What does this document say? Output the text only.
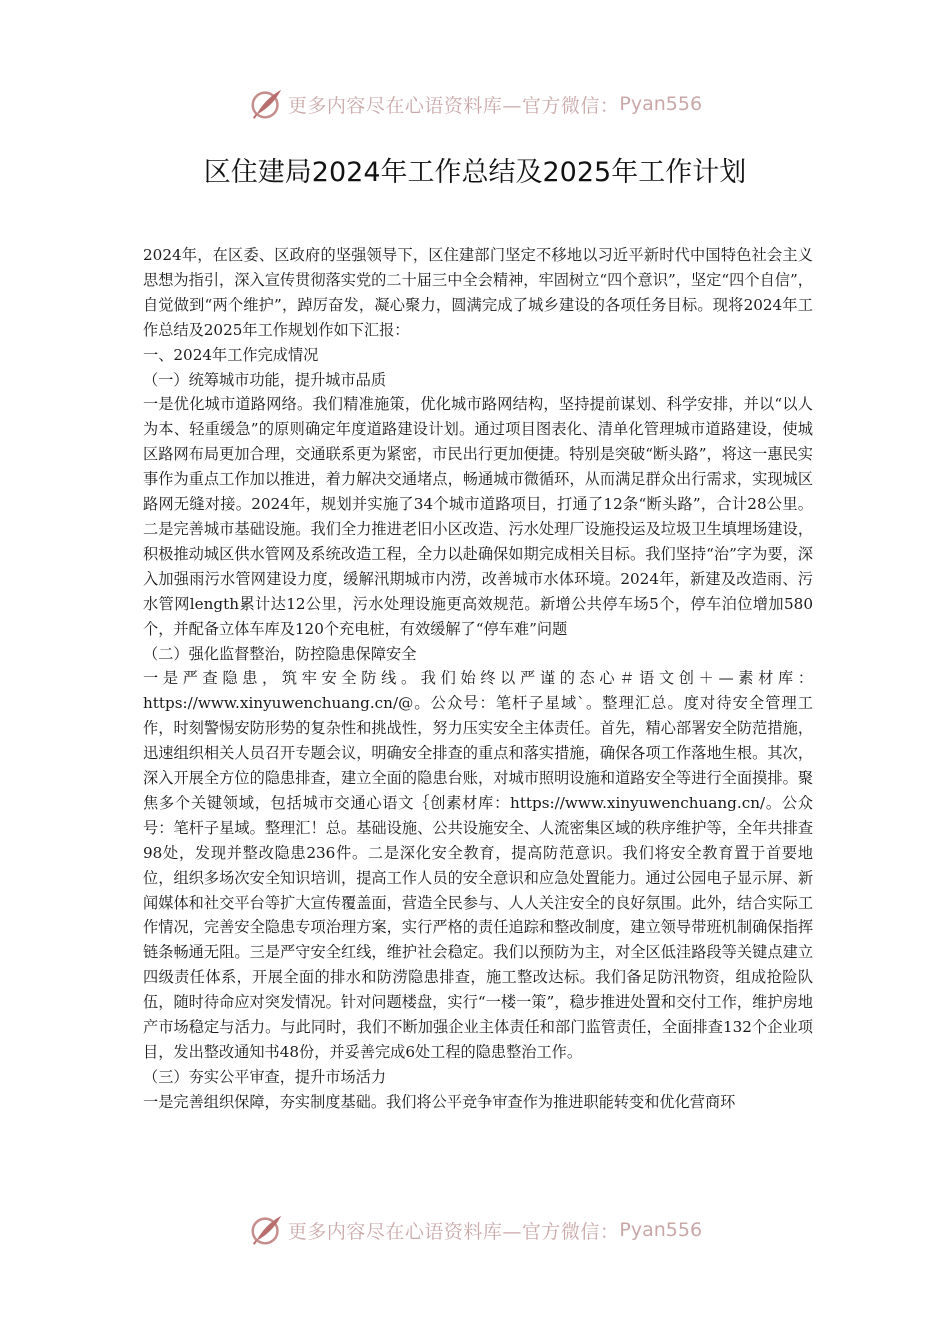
更多内容尽在心语资料库—官方微信： Pyan556
区住建局2024年工作总结及2025年工作计划

2024年，在区委、区政府的坚强领导下，区住建部门坚定不移地以习近平新时代中国特色社会主义思想为指引，深入宣传贯彻落实党的二十届三中全会精神，牢固树立“四个意识”，坚定“四个自信”，自觉做到“两个维护”，踔厉奋发，凝心聚力，圆满完成了城乡建设的各项任务目标。现将2024年工作总结及2025年工作规划作如下汇报：

一、2024年工作完成情况

（一）统筹城市功能，提升城市品质

一是优化城市道路网络。我们精准施策，优化城市路网结构，坚持提前谋划、科学安排，并以“以人为本、轻重缓急”的原则确定年度道路建设计划。通过项目图表化、清单化管理城市道路建设，使城区路网布局更加合理，交通联系更为紧密，市民出行更加便捷。特别是突破“断头路”，将这一惠民实事作为重点工作加以推进，着力解决交通堵点，畅通城市微循环，从而满足群众出行需求，实现城区路网无缝对接。2024年，规划并实施了34个城市道路项目，打通了12条“断头路”，合计28公里。二是完善城市基础设施。我们全力推进老旧小区改造、污水处理厂设施投运及垃圾卫生填埋场建设，积极推动城区供水管网及系统改造工程，全力以赴确保如期完成相关目标。我们坚持“治”字为要，深入加强雨污水管网建设力度，缓解汛期城市内涝，改善城市水体环境。2024年，新建及改造雨、污水管网length累计达12公里，污水处理设施更高效规范。新增公共停车场5个，停车泊位增加580个，并配备立体车库及120个充电桩，有效缓解了“停车难”问题

（二）强化监督整治，防控隐患保障安全

一是严查隐患，筑牢安全防线。我们始终以严谨的态心＃语文创＋—素材库：https://www.xinyuwenchuang.cn/@。公众号：笔杆子星域`。整理汇总。度对待安全管理工作，时刻警惕安防形势的复杂性和挑战性，努力压实安全主体责任。首先，精心部署安全防范措施，迅速组织相关人员召开专题会议，明确安全排查的重点和落实措施，确保各项工作落地生根。其次，深入开展全方位的隐患排查，建立全面的隐患台账，对城市照明设施和道路安全等进行全面摸排。聚焦多个关键领域，包括城市交通心语文｛创素材库：https://www.xinyuwenchuang.cn/。公众号：笔杆子星域。整理汇！总。基础设施、公共设施安全、人流密集区域的秩序维护等，全年共排查98处，发现并整改隐患236件。二是深化安全教育，提高防范意识。我们将安全教育置于首要地位，组织多场次安全知识培训，提高工作人员的安全意识和应急处置能力。通过公园电子显示屏、新闻媒体和社交平台等扩大宣传覆盖面，营造全民参与、人人关注安全的良好氛围。此外，结合实际工作情况，完善安全隐患专项治理方案，实行严格的责任追踪和整改制度，建立领导带班机制确保指挥链条畅通无阻。三是严守安全红线，维护社会稳定。我们以预防为主，对全区低洼路段等关键点建立四级责任体系，开展全面的排水和防涝隐患排查，施工整改达标。我们备足防汛物资，组成抢险队伍，随时待命应对突发情况。针对问题楼盘，实行“一楼一策”，稳步推进处置和交付工作，维护房地产市场稳定与活力。与此同时，我们不断加强企业主体责任和部门监管责任，全面排查132个企业项目，发出整改通知书48份，并妥善完成6处工程的隐患整治工作。

（三）夯实公平审查，提升市场活力

一是完善组织保障，夯实制度基础。我们将公平竞争审查作为推进职能转变和优化营商环

更多内容尽在心语资料库—官方微信： Pyan556
